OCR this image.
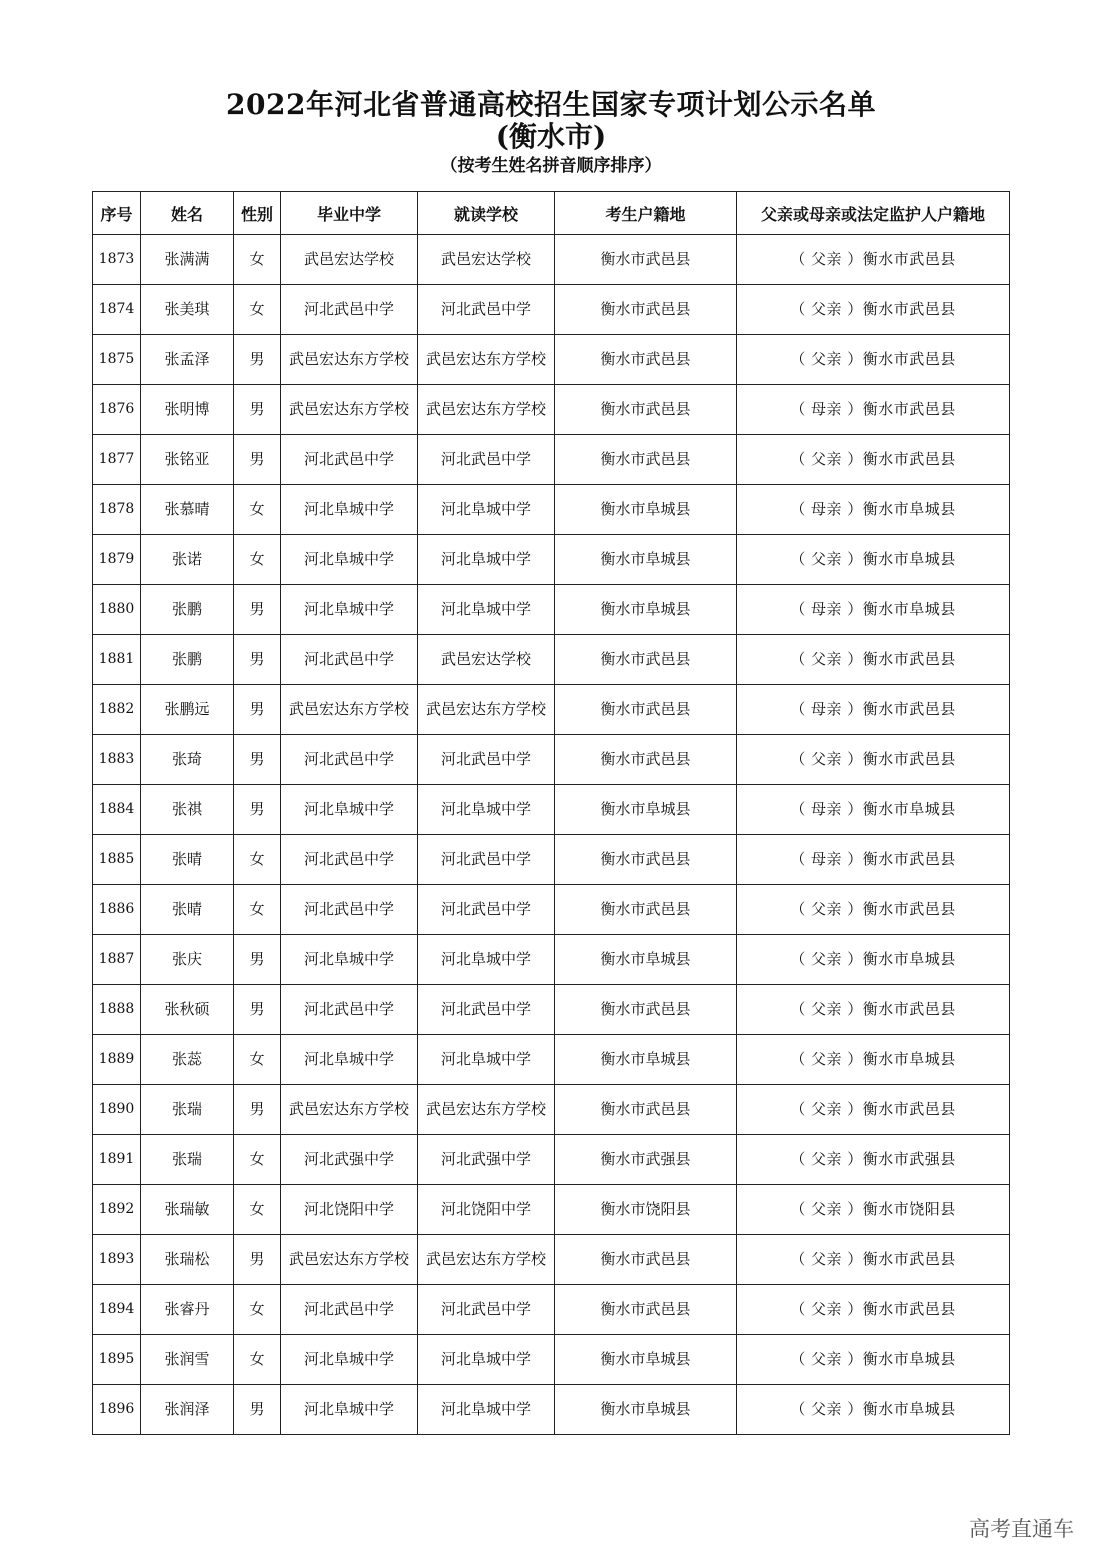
2022年河北省普通高校招生国家专项计划公示名单
(衡水市)
（按考生姓名拼音顺序排序）
序号	姓名	性别	毕业中学	就读学校	考生户籍地	父亲或母亲或法定监护人户籍地
1873	张满满	女	武邑宏达学校	武邑宏达学校	衡水市武邑县	（ 父亲 ）衡水市武邑县
1874	张美琪	女	河北武邑中学	河北武邑中学	衡水市武邑县	（ 父亲 ）衡水市武邑县
1875	张孟泽	男	武邑宏达东方学校	武邑宏达东方学校	衡水市武邑县	（ 父亲 ）衡水市武邑县
1876	张明博	男	武邑宏达东方学校	武邑宏达东方学校	衡水市武邑县	（ 母亲 ）衡水市武邑县
1877	张铭亚	男	河北武邑中学	河北武邑中学	衡水市武邑县	（ 父亲 ）衡水市武邑县
1878	张慕晴	女	河北阜城中学	河北阜城中学	衡水市阜城县	（ 母亲 ）衡水市阜城县
1879	张诺	女	河北阜城中学	河北阜城中学	衡水市阜城县	（ 父亲 ）衡水市阜城县
1880	张鹏	男	河北阜城中学	河北阜城中学	衡水市阜城县	（ 母亲 ）衡水市阜城县
1881	张鹏	男	河北武邑中学	武邑宏达学校	衡水市武邑县	（ 父亲 ）衡水市武邑县
1882	张鹏远	男	武邑宏达东方学校	武邑宏达东方学校	衡水市武邑县	（ 母亲 ）衡水市武邑县
1883	张琦	男	河北武邑中学	河北武邑中学	衡水市武邑县	（ 父亲 ）衡水市武邑县
1884	张祺	男	河北阜城中学	河北阜城中学	衡水市阜城县	（ 母亲 ）衡水市阜城县
1885	张晴	女	河北武邑中学	河北武邑中学	衡水市武邑县	（ 母亲 ）衡水市武邑县
1886	张晴	女	河北武邑中学	河北武邑中学	衡水市武邑县	（ 父亲 ）衡水市武邑县
1887	张庆	男	河北阜城中学	河北阜城中学	衡水市阜城县	（ 父亲 ）衡水市阜城县
1888	张秋硕	男	河北武邑中学	河北武邑中学	衡水市武邑县	（ 父亲 ）衡水市武邑县
1889	张蕊	女	河北阜城中学	河北阜城中学	衡水市阜城县	（ 父亲 ）衡水市阜城县
1890	张瑞	男	武邑宏达东方学校	武邑宏达东方学校	衡水市武邑县	（ 父亲 ）衡水市武邑县
1891	张瑞	女	河北武强中学	河北武强中学	衡水市武强县	（ 父亲 ）衡水市武强县
1892	张瑞敏	女	河北饶阳中学	河北饶阳中学	衡水市饶阳县	（ 父亲 ）衡水市饶阳县
1893	张瑞松	男	武邑宏达东方学校	武邑宏达东方学校	衡水市武邑县	（ 父亲 ）衡水市武邑县
1894	张睿丹	女	河北武邑中学	河北武邑中学	衡水市武邑县	（ 父亲 ）衡水市武邑县
1895	张润雪	女	河北阜城中学	河北阜城中学	衡水市阜城县	（ 父亲 ）衡水市阜城县
1896	张润泽	男	河北阜城中学	河北阜城中学	衡水市阜城县	（ 父亲 ）衡水市阜城县
高考直通车
